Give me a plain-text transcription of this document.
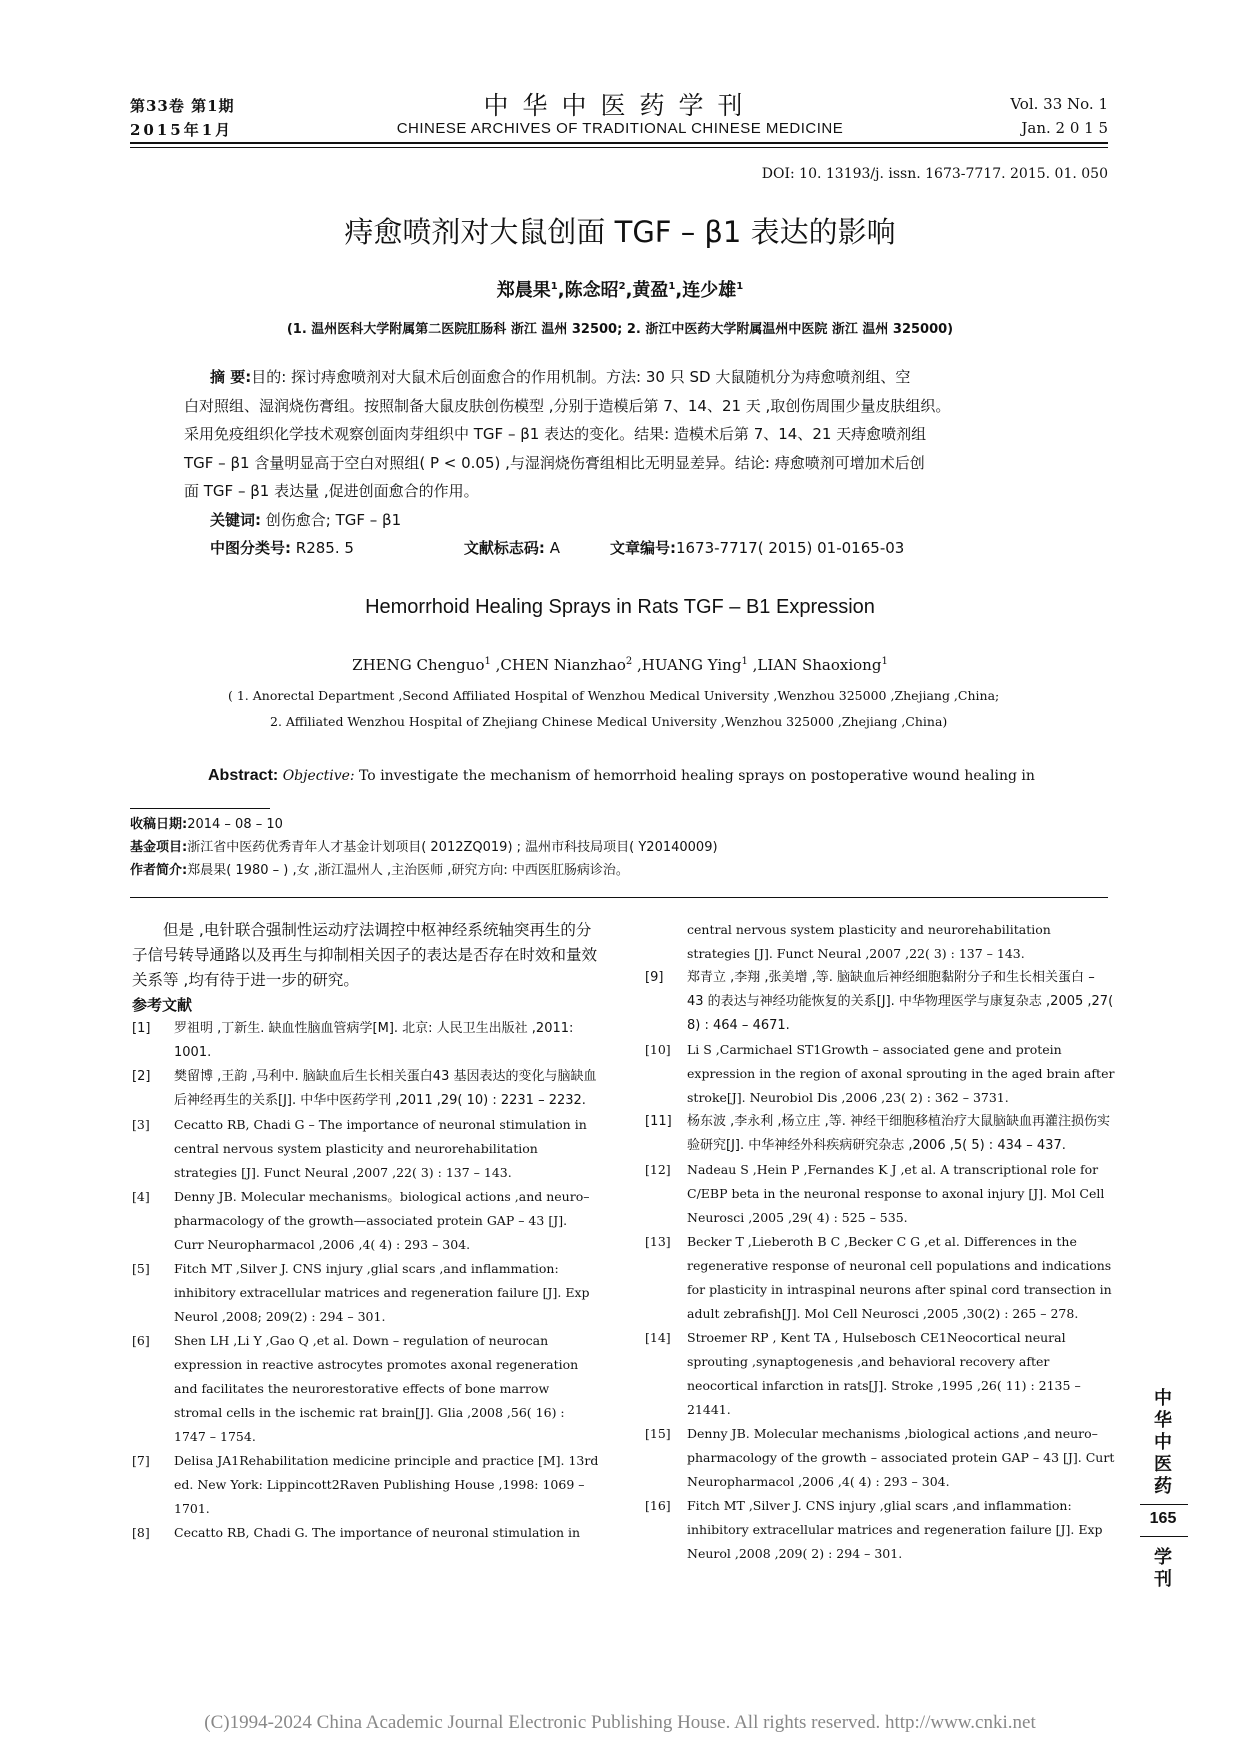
第33卷 第1期
2015年1月
中华中医药学刊
CHINESE ARCHIVES OF TRADITIONAL CHINESE MEDICINE
Vol. 33 No. 1
Jan. 2 0 1 5
DOI: 10. 13193/j. issn. 1673-7717. 2015. 01. 050
痔愈喷剂对大鼠创面 TGF – β1 表达的影响
郑晨果$^1$,陈念昭$^2$,黄盈$^1$,连少雄$^1$
(1. 温州医科大学附属第二医院肛肠科 浙江 温州 32500; 2. 浙江中医药大学附属温州中医院 浙江 温州 325000)
摘 要:目的: 探讨痔愈喷剂对大鼠术后创面愈合的作用机制。方法: 30 只 SD 大鼠随机分为痔愈喷剂组、空
白对照组、湿润烧伤膏组。按照制备大鼠皮肤创伤模型 ,分别于造模后第 7、14、21 天 ,取创伤周围少量皮肤组织。
采用免疫组织化学技术观察创面肉芽组织中 TGF – β1 表达的变化。结果: 造模术后第 7、14、21 天痔愈喷剂组
TGF – β1 含量明显高于空白对照组( P < 0.05) ,与湿润烧伤膏组相比无明显差异。结论: 痔愈喷剂可增加术后创
面 TGF – β1 表达量 ,促进创面愈合的作用。
关键词: 创伤愈合; TGF – β1
中图分类号: R285. 5	文献标志码: A	文章编号:1673-7717( 2015) 01-0165-03
Hemorrhoid Healing Sprays in Rats TGF – B1 Expression
ZHENG Chenguo$^1$ ,CHEN Nianzhao$^2$ ,HUANG Ying$^1$ ,LIAN Shaoxiong$^1$
( 1. Anorectal Department ,Second Affiliated Hospital of Wenzhou Medical University ,Wenzhou 325000 ,Zhejiang ,China;
2. Affiliated Wenzhou Hospital of Zhejiang Chinese Medical University ,Wenzhou 325000 ,Zhejiang ,China)
Abstract: Objective: To investigate the mechanism of hemorrhoid healing sprays on postoperative wound healing in
收稿日期:2014 – 08 – 10
基金项目:浙江省中医药优秀青年人才基金计划项目( 2012ZQ019) ; 温州市科技局项目( Y20140009)
作者简介:郑晨果( 1980 – ) ,女 ,浙江温州人 ,主治医师 ,研究方向: 中西医肛肠病诊治。

但是 ,电针联合强制性运动疗法调控中枢神经系统轴突再生的分子信号转导通路以及再生与抑制相关因子的表达是否存在时效和量效关系等 ,均有待于进一步的研究。

参考文献

[1] 罗祖明 ,丁新生. 缺血性脑血管病学[M]. 北京: 人民卫生出版社 ,2011: 1001.

[2] 樊留博 ,王韵 ,马利中. 脑缺血后生长相关蛋白43 基因表达的变化与脑缺血后神经再生的关系[J]. 中华中医药学刊 ,2011 ,29( 10) : 2231 – 2232.

[3] Cecatto RB, Chadi G – The importance of neuronal stimulation in central nervous system plasticity and neurorehabilitation strategies [J]. Funct Neural ,2007 ,22( 3) : 137 – 143.

[4] Denny JB. Molecular mechanisms。biological actions ,and neuro–pharmacology of the growth—associated protein GAP – 43 [J]. Curr Neuropharmacol ,2006 ,4( 4) : 293 – 304.

[5] Fitch MT ,Silver J. CNS injury ,glial scars ,and inflammation: inhibitory extracellular matrices and regeneration failure [J]. Exp Neurol ,2008; 209(2) : 294 – 301.

[6] Shen LH ,Li Y ,Gao Q ,et al. Down – regulation of neurocan expression in reactive astrocytes promotes axonal regeneration and facilitates the neurorestorative effects of bone marrow stromal cells in the ischemic rat brain[J]. Glia ,2008 ,56( 16) : 1747 – 1754.

[7] Delisa JA1Rehabilitation medicine principle and practice [M]. 13rd ed. New York: Lippincott2Raven Publishing House ,1998: 1069 – 1701.

[8] Cecatto RB, Chadi G. The importance of neuronal stimulation in

central nervous system plasticity and neurorehabilitation strategies [J]. Funct Neural ,2007 ,22( 3) : 137 – 143.

[9] 郑青立 ,李翔 ,张美增 ,等. 脑缺血后神经细胞黏附分子和生长相关蛋白 – 43 的表达与神经功能恢复的关系[J]. 中华物理医学与康复杂志 ,2005 ,27( 8) : 464 – 4671.

[10] Li S ,Carmichael ST1Growth – associated gene and protein expression in the region of axonal sprouting in the aged brain after stroke[J]. Neurobiol Dis ,2006 ,23( 2) : 362 – 3731.

[11] 杨东波 ,李永利 ,杨立庄 ,等. 神经干细胞移植治疗大鼠脑缺血再灌注损伤实验研究[J]. 中华神经外科疾病研究杂志 ,2006 ,5( 5) : 434 – 437.

[12] Nadeau S ,Hein P ,Fernandes K J ,et al. A transcriptional role for C/EBP beta in the neuronal response to axonal injury [J]. Mol Cell Neurosci ,2005 ,29( 4) : 525 – 535.

[13] Becker T ,Lieberoth B C ,Becker C G ,et al. Differences in the regenerative response of neuronal cell populations and indications for plasticity in intraspinal neurons after spinal cord transection in adult zebrafish[J]. Mol Cell Neurosci ,2005 ,30(2) : 265 – 278.

[14] Stroemer RP , Kent TA , Hulsebosch CE1Neocortical neural sprouting ,synaptogenesis ,and behavioral recovery after neocortical infarction in rats[J]. Stroke ,1995 ,26( 11) : 2135 – 21441.

[15] Denny JB. Molecular mechanisms ,biological actions ,and neuro–pharmacology of the growth – associated protein GAP – 43 [J]. Curt Neuropharmacol ,2006 ,4( 4) : 293 – 304.

[16] Fitch MT ,Silver J. CNS injury ,glial scars ,and inflammation: inhibitory extracellular matrices and regeneration failure [J]. Exp Neurol ,2008 ,209( 2) : 294 – 301.

中
华
中
医
药
165
学
刊
(C)1994-2024 China Academic Journal Electronic Publishing House. All rights reserved. http://www.cnki.net
